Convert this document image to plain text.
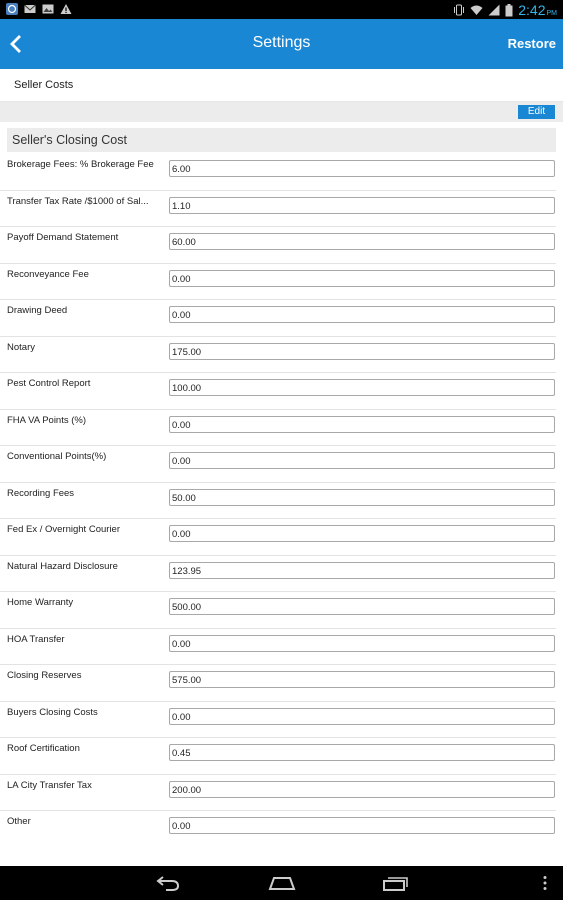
2:42PM
Settings	Restore
Seller Costs
Edit
Seller's Closing Cost
Brokerage Fees: % Brokerage Fee	6.00
Transfer Tax Rate /$1000 of Sal...	1.10
Payoff Demand Statement	60.00
Reconveyance Fee	0.00
Drawing Deed	0.00
Notary	175.00
Pest Control Report	100.00
FHA VA Points (%)	0.00
Conventional Points(%)	0.00
Recording Fees	50.00
Fed Ex / Overnight Courier	0.00
Natural Hazard Disclosure	123.95
Home Warranty	500.00
HOA Transfer	0.00
Closing Reserves	575.00
Buyers Closing Costs	0.00
Roof Certification	0.45
LA City Transfer Tax	200.00
Other	0.00
